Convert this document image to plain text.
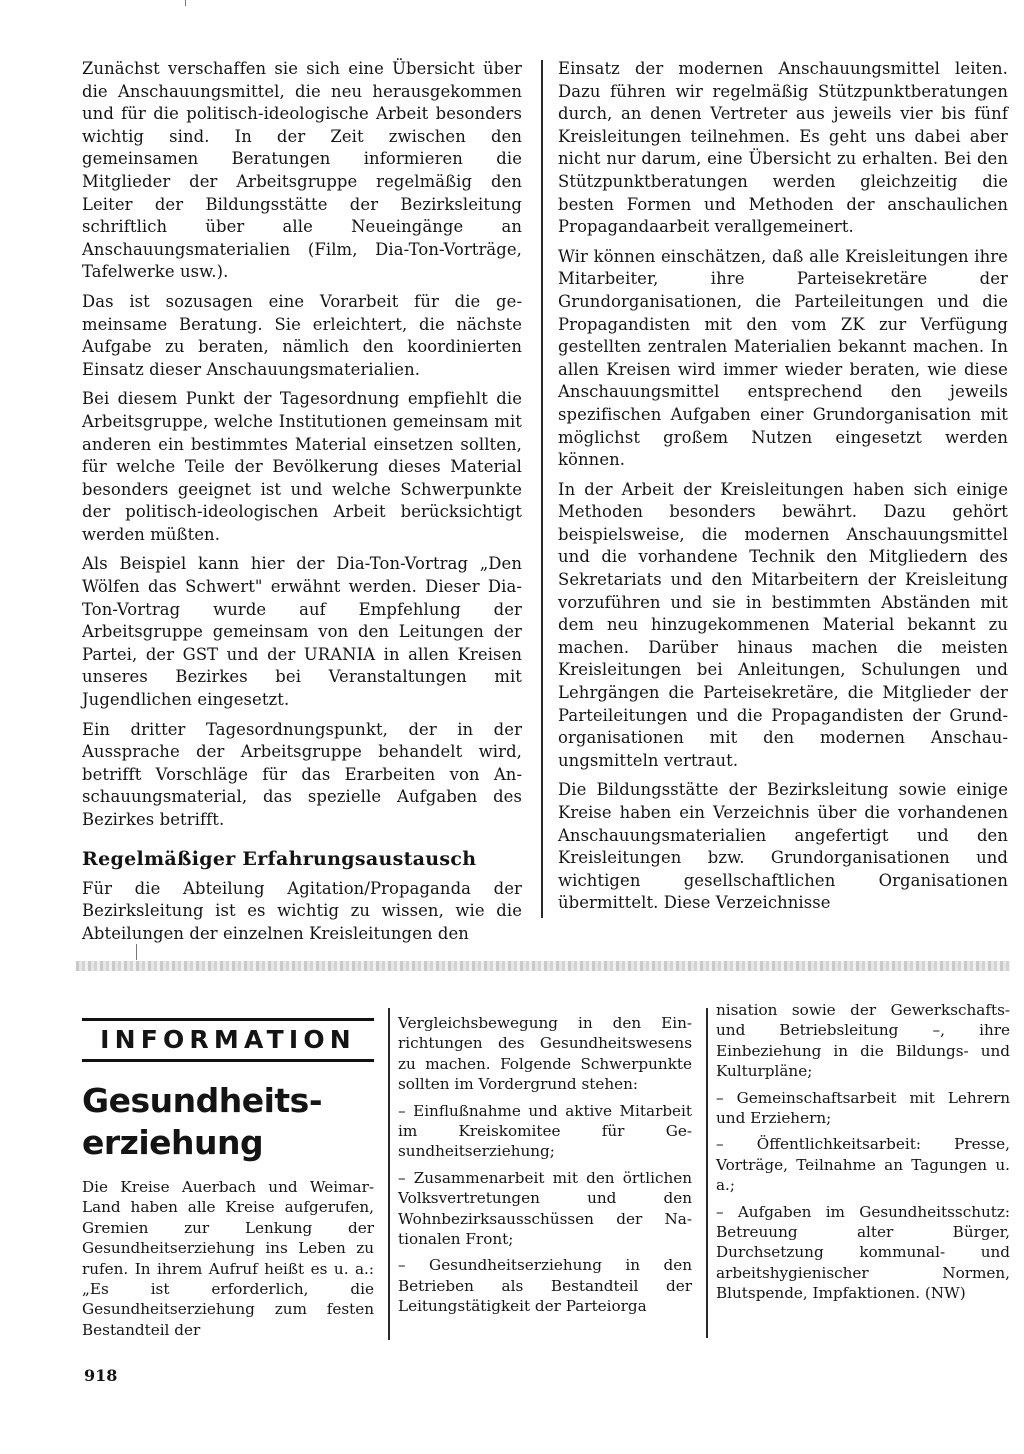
Zunächst verschaffen sie sich eine Übersicht über die Anschauungsmittel, die neu herausgekommen und für die politisch-ideologische Arbeit besonders wichtig sind. In der Zeit zwischen den gemeinsamen Beratungen informieren die Mitglieder der Arbeitsgruppe regelmäßig den Leiter der Bildungsstätte der Bezirksleitung schriftlich über alle Neueingänge an Anschauungsmaterialien (Film, Dia-Ton-Vorträge, Tafelwerke usw.).

Das ist sozusagen eine Vorarbeit für die gemeinsame Beratung. Sie erleichtert, die nächste Aufgabe zu beraten, nämlich den koordinierten Einsatz dieser Anschauungsmaterialien.

Bei diesem Punkt der Tagesordnung empfiehlt die Arbeitsgruppe, welche Institutionen gemeinsam mit anderen ein bestimmtes Material einsetzen sollten, für welche Teile der Bevölkerung dieses Material besonders geeignet ist und welche Schwerpunkte der politisch-ideologischen Arbeit berücksichtigt werden müßten.

Als Beispiel kann hier der Dia-Ton-Vortrag „Den Wölfen das Schwert" erwähnt werden. Dieser Dia-Ton-Vortrag wurde auf Empfehlung der Arbeitsgruppe gemeinsam von den Leitungen der Partei, der GST und der URANIA in allen Kreisen unseres Bezirkes bei Veranstaltungen mit Jugendlichen eingesetzt.

Ein dritter Tagesordnungspunkt, der in der Aussprache der Arbeitsgruppe behandelt wird, betrifft Vorschläge für das Erarbeiten von Anschauungsmaterial, das spezielle Aufgaben des Bezirkes betrifft.

Regelmäßiger Erfahrungsaustausch

Für die Abteilung Agitation/Propaganda der Bezirksleitung ist es wichtig zu wissen, wie die Abteilungen der einzelnen Kreisleitungen den

Einsatz der modernen Anschauungsmittel leiten. Dazu führen wir regelmäßig Stützpunktberatungen durch, an denen Vertreter aus jeweils vier bis fünf Kreisleitungen teilnehmen. Es geht uns dabei aber nicht nur darum, eine Übersicht zu erhalten. Bei den Stützpunktberatungen werden gleichzeitig die besten Formen und Methoden der anschaulichen Propagandaarbeit verallgemeinert.

Wir können einschätzen, daß alle Kreisleitungen ihre Mitarbeiter, ihre Parteisekretäre der Grundorganisationen, die Parteileitungen und die Propagandisten mit den vom ZK zur Verfügung gestellten zentralen Materialien bekannt machen. In allen Kreisen wird immer wieder beraten, wie diese Anschauungsmittel entsprechend den jeweils spezifischen Aufgaben einer Grundorganisation mit möglichst großem Nutzen eingesetzt werden können.

In der Arbeit der Kreisleitungen haben sich einige Methoden besonders bewährt. Dazu gehört beispielsweise, die modernen Anschauungsmittel und die vorhandene Technik den Mitgliedern des Sekretariats und den Mitarbeitern der Kreisleitung vorzuführen und sie in bestimmten Abständen mit dem neu hinzugekommenen Material bekannt zu machen. Darüber hinaus machen die meisten Kreisleitungen bei Anleitungen, Schulungen und Lehrgängen die Parteisekretäre, die Mitglieder der Parteileitungen und die Propagandisten der Grundorganisationen mit den modernen Anschauungsmitteln vertraut.

Die Bildungsstätte der Bezirksleitung sowie einige Kreise haben ein Verzeichnis über die vorhandenen Anschauungsmaterialien angefertigt und den Kreisleitungen bzw. Grundorganisationen und wichtigen gesellschaftlichen Organisationen übermittelt. Diese Verzeichnisse

INFORMATION
Gesundheitserziehung

Die Kreise Auerbach und Weimar-Land haben alle Kreise aufgerufen, Gremien zur Lenkung der Gesundheitserziehung ins Leben zu rufen. In ihrem Aufruf heißt es u. a.: „Es ist erforderlich, die Gesundheitserziehung zum festen Bestandteil der

Vergleichsbewegung in den Einrichtungen des Gesundheitswesens zu machen. Folgende Schwerpunkte sollten im Vordergrund stehen:

– Einflußnahme und aktive Mitarbeit im Kreiskomitee für Gesundheitserziehung;

– Zusammenarbeit mit den örtlichen Volksvertretungen und den Wohnbezirksausschüssen der Nationalen Front;

– Gesundheitserziehung in den Betrieben als Bestandteil der Leitungstätigkeit der Parteiorga

nisation sowie der Gewerkschafts- und Betriebsleitung –, ihre Einbeziehung in die Bildungs- und Kulturpläne;

– Gemeinschaftsarbeit mit Lehrern und Erziehern;

– Öffentlichkeitsarbeit: Presse, Vorträge, Teilnahme an Tagungen u. a.;

– Aufgaben im Gesundheitsschutz: Betreuung alter Bürger, Durchsetzung kommunal- und arbeitshygienischer Normen, Blutspende, Impfaktionen. (NW)

918
